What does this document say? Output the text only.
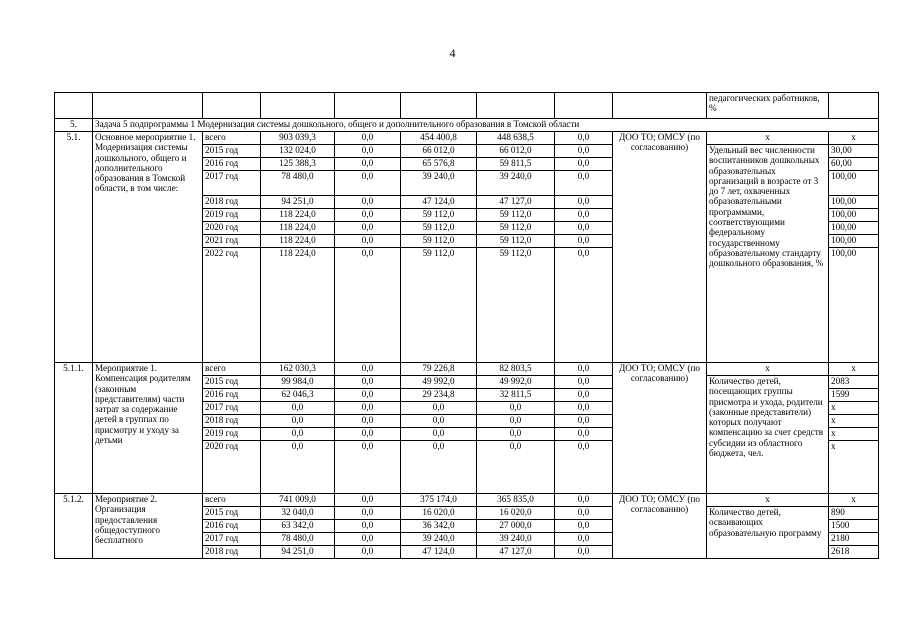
4
									педагогических работников, %	
5.	Задача 5 подпрограммы 1 Модернизация системы дошкольного, общего и дополнительного образования в Томской области									
5.1.	Основное мероприятие 1. Модернизация системы дошкольного, общего и дополнительного образования в Томской области, в том числе:	всего	903 039,3	0,0	454 400,8	448 638,5	0,0	ДОО ТО; ОМСУ (по согласованию)	x	x
		2015 год	132 024,0	0,0	66 012,0	66 012,0	0,0		Удельный вес численности воспитанников дошкольных образовательных организаций в возрасте от 3 до 7 лет, охваченных образовательными программами, соответствующими федеральному государственному образовательному стандарту дошкольного образования, %	30,00
		2016 год	125 388,3	0,0	65 576,8	59 811,5	0,0			60,00
		2017 год	78 480,0	0,0	39 240,0	39 240,0	0,0			100,00
		2018 год	94 251,0	0,0	47 124,0	47 127,0	0,0			100,00
		2019 год	118 224,0	0,0	59 112,0	59 112,0	0,0			100,00
		2020 год	118 224,0	0,0	59 112,0	59 112,0	0,0			100,00
		2021 год	118 224,0	0,0	59 112,0	59 112,0	0,0			100,00
		2022 год	118 224,0	0,0	59 112,0	59 112,0	0,0			100,00
5.1.1.	Мероприятие 1. Компенсация родителям (законным представителям) части затрат за содержание детей в группах по присмотру и уходу за детьми	всего	162 030,3	0,0	79 226,8	82 803,5	0,0	ДОО ТО; ОМСУ (по согласованию)	x	x
		2015 год	99 984,0	0,0	49 992,0	49 992,0	0,0		Количество детей, посещающих группы присмотра и ухода, родители (законные представители) которых получают компенсацию за счет средств субсидии из областного бюджета, чел.	2083
		2016 год	62 046,3	0,0	29 234,8	32 811,5	0,0			1599
		2017 год	0,0	0,0	0,0	0,0	0,0			x
		2018 год	0,0	0,0	0,0	0,0	0,0			x
		2019 год	0,0	0,0	0,0	0,0	0,0			x
		2020 год	0,0	0,0	0,0	0,0	0,0			x
5.1.2.	Мероприятие 2. Организация предоставления общедоступного бесплатного	всего	741 009,0	0,0	375 174,0	365 835,0	0,0	ДОО ТО; ОМСУ (по согласованию)	x	x
		2015 год	32 040,0	0,0	16 020,0	16 020,0	0,0		Количество детей, осваивающих образовательную программу	890
		2016 год	63 342,0	0,0	36 342,0	27 000,0	0,0			1500
		2017 год	78 480,0	0,0	39 240,0	39 240,0	0,0			2180
		2018 год	94 251,0	0,0	47 124,0	47 127,0	0,0			2618
